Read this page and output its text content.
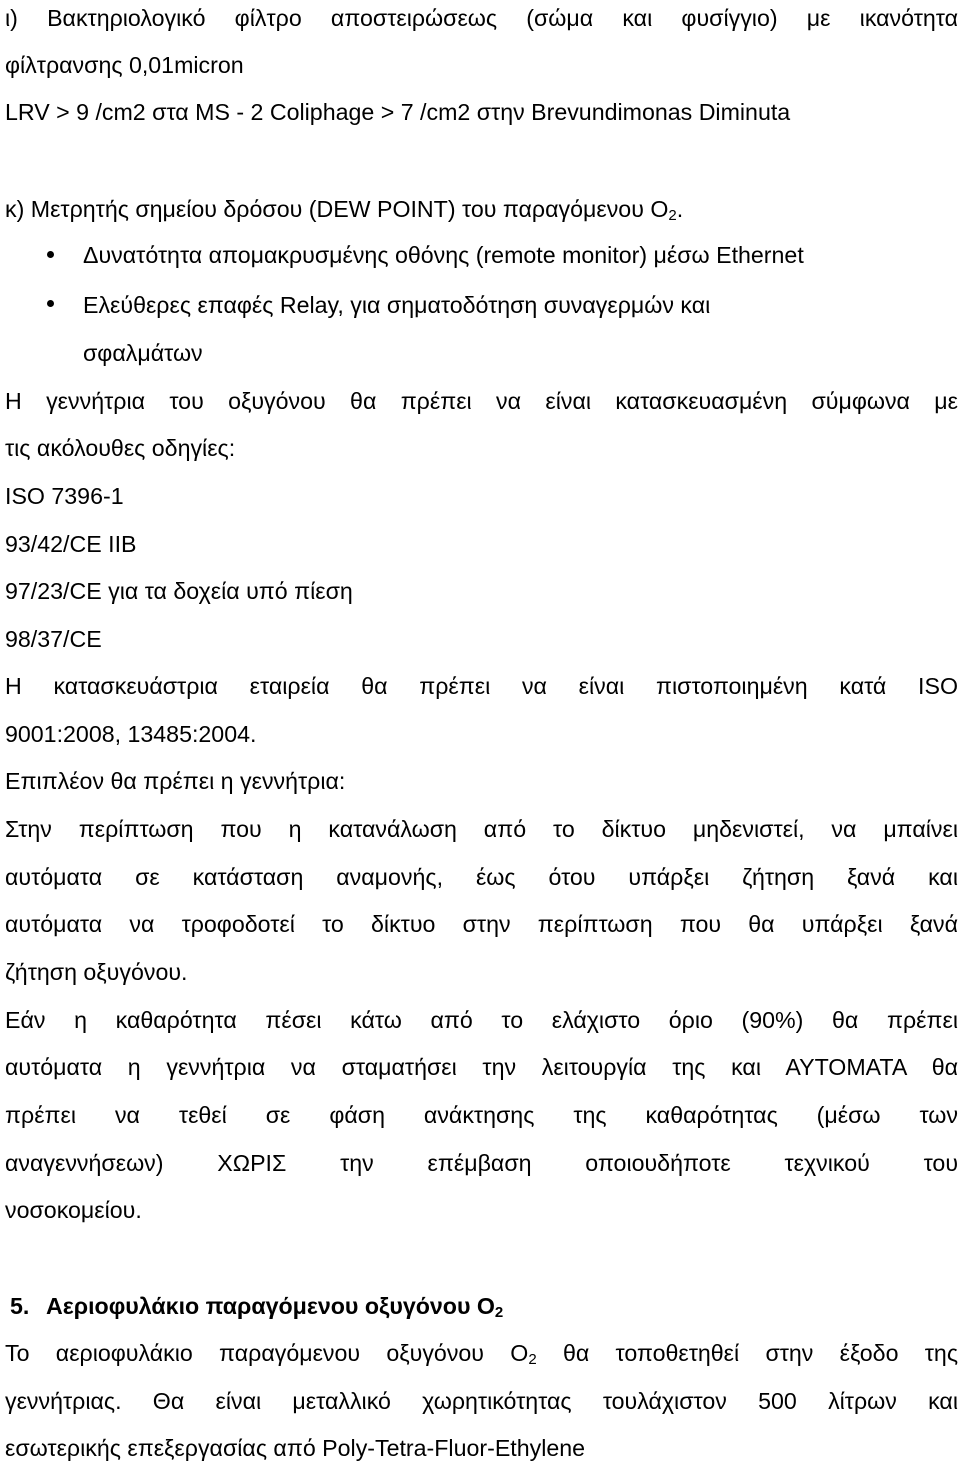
ι) Βακτηριολογικό φίλτρο αποστειρώσεως (σώμα και φυσίγγιο) με ικανότητα
φίλτρανσης 0,01micron
LRV > 9 /cm2 στα MS - 2 Coliphage > 7 /cm2 στην Brevundimonas Diminuta
κ) Μετρητής σημείου δρόσου (DEW POINT) του παραγόμενου $O_2$.
Δυνατότητα απομακρυσμένης οθόνης (remote monitor) μέσω Ethernet
Ελεύθερες επαφές Relay, για σηματοδότηση συναγερμών και
σφαλμάτων
Η γεννήτρια του οξυγόνου θα πρέπει να είναι κατασκευασμένη σύμφωνα με
τις ακόλουθες οδηγίες:
ISO 7396-1
93/42/CE IIB
97/23/CE για τα δοχεία υπό πίεση
98/37/CE
Η κατασκευάστρια εταιρεία θα πρέπει να είναι πιστοποιημένη κατά ISO
9001:2008, 13485:2004.
Επιπλέον θα πρέπει η γεννήτρια:
Στην περίπτωση που η κατανάλωση από το δίκτυο μηδενιστεί, να μπαίνει
αυτόματα σε κατάσταση αναμονής, έως ότου υπάρξει ζήτηση ξανά και
αυτόματα να τροφοδοτεί το δίκτυο στην περίπτωση που θα υπάρξει ξανά
ζήτηση οξυγόνου.
Εάν η καθαρότητα πέσει κάτω από το ελάχιστο όριο (90%) θα πρέπει
αυτόματα η γεννήτρια να σταματήσει την λειτουργία της και ΑΥΤΟΜΑΤΑ θα
πρέπει να τεθεί σε φάση ανάκτησης της καθαρότητας (μέσω των
αναγεννήσεων) ΧΩΡΙΣ την επέμβαση οποιουδήποτε τεχνικού του
νοσοκομείου.
5. Αεριοφυλάκιο παραγόμενου οξυγόνου $O_2$
Το αεριοφυλάκιο παραγόμενου οξυγόνου $O_2$ θα τοποθετηθεί στην έξοδο της
γεννήτριας. Θα είναι μεταλλικό χωρητικότητας τουλάχιστον 500 λίτρων και
εσωτερικής επεξεργασίας από Poly-Tetra-Fluor-Ethylene
